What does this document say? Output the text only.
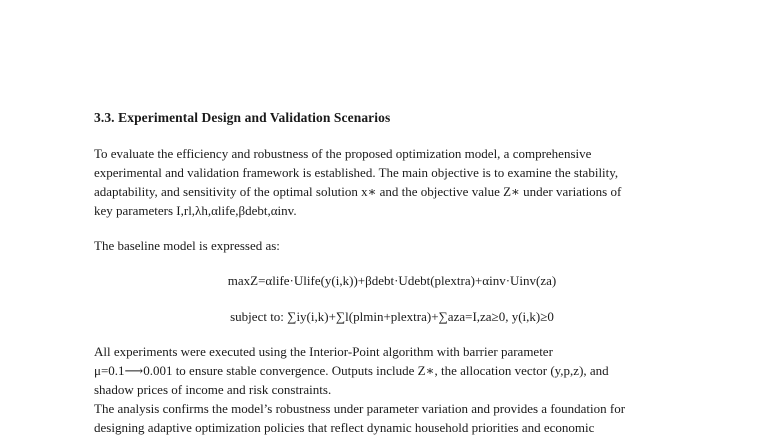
3.3. Experimental Design and Validation Scenarios
To evaluate the efficiency and robustness of the proposed optimization model, a comprehensive
experimental and validation framework is established. The main objective is to examine the stability,
adaptability, and sensitivity of the optimal solution x∗ and the objective value Z∗ under variations of
key parameters I,rl,λh,αlife,βdebt,αinv.
The baseline model is expressed as:
maxZ=αlife·Ulife(y(i,k))+βdebt·Udebt(plextra)+αinv·Uinv(za)
subject to: ∑iy(i,k)+∑l(plmin+plextra)+∑aza=I,za≥0, y(i,k)≥0
All experiments were executed using the Interior-Point algorithm with barrier parameter
μ=0.1⟶0.001 to ensure stable convergence. Outputs include Z∗, the allocation vector (y,p,z), and
shadow prices of income and risk constraints.
The analysis confirms the model’s robustness under parameter variation and provides a foundation for
designing adaptive optimization policies that reflect dynamic household priorities and economic
